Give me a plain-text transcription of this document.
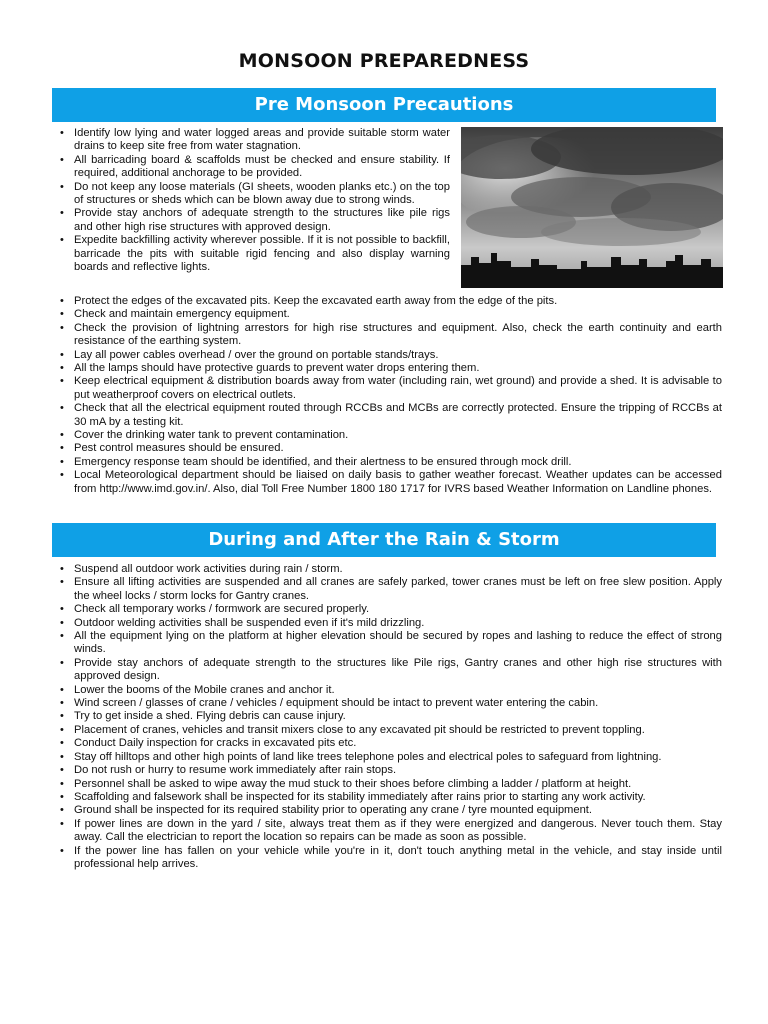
MONSOON PREPAREDNESS
Pre Monsoon Precautions
• Identify low lying and water logged areas and provide suitable storm water drains to keep site free from water stagnation.
• All barricading board & scaffolds must be checked and ensure stability. If required, additional anchorage to be provided.
• Do not keep any loose materials (GI sheets, wooden planks etc.) on the top of structures or sheds which can be blown away due to strong winds.
• Provide stay anchors of adequate strength to the structures like pile rigs and other high rise structures with approved design.
• Expedite backfilling activity wherever possible. If it is not possible to backfill, barricade the pits with suitable rigid fencing and also display warning boards and reflective lights.
• Protect the edges of the excavated pits. Keep the excavated earth away from the edge of the pits.
• Check and maintain emergency equipment.
• Check the provision of lightning arrestors for high rise structures and equipment. Also, check the earth continuity and earth resistance of the earthing system.
• Lay all power cables overhead / over the ground on portable stands/trays.
• All the lamps should have protective guards to prevent water drops entering them.
• Keep electrical equipment & distribution boards away from water (including rain, wet ground) and provide a shed. It is advisable to put weatherproof covers on electrical outlets.
• Check that all the electrical equipment routed through RCCBs and MCBs are correctly protected. Ensure the tripping of RCCBs at 30 mA by a testing kit.
• Cover the drinking water tank to prevent contamination.
• Pest control measures should be ensured.
• Emergency response team should be identified, and their alertness to be ensured through mock drill.
• Local Meteorological department should be liaised on daily basis to gather weather forecast. Weather updates can be accessed from http://www.imd.gov.in/. Also, dial Toll Free Number 1800 180 1717 for IVRS based Weather Information on Landline phones.
During and After the Rain & Storm
• Suspend all outdoor work activities during rain / storm.
• Ensure all lifting activities are suspended and all cranes are safely parked, tower cranes must be left on free slew position. Apply the wheel locks / storm locks for Gantry cranes.
• Check all temporary works / formwork are secured properly.
• Outdoor welding activities shall be suspended even if it's mild drizzling.
• All the equipment lying on the platform at higher elevation should be secured by ropes and lashing to reduce the effect of strong winds.
• Provide stay anchors of adequate strength to the structures like Pile rigs, Gantry cranes and other high rise structures with approved design.
• Lower the booms of the Mobile cranes and anchor it.
• Wind screen / glasses of crane / vehicles / equipment should be intact to prevent water entering the cabin.
• Try to get inside a shed. Flying debris can cause injury.
• Placement of cranes, vehicles and transit mixers close to any excavated pit should be restricted to prevent toppling.
• Conduct Daily inspection for cracks in excavated pits etc.
• Stay off hilltops and other high points of land like trees telephone poles and electrical poles to safeguard from lightning.
• Do not rush or hurry to resume work immediately after rain stops.
• Personnel shall be asked to wipe away the mud stuck to their shoes before climbing a ladder / platform at height.
• Scaffolding and falsework shall be inspected for its stability immediately after rains prior to starting any work activity.
• Ground shall be inspected for its required stability prior to operating any crane / tyre mounted equipment.
• If power lines are down in the yard / site, always treat them as if they were energized and dangerous. Never touch them. Stay away. Call the electrician to report the location so repairs can be made as soon as possible.
• If the power line has fallen on your vehicle while you're in it, don't touch anything metal in the vehicle, and stay inside until professional help arrives.
